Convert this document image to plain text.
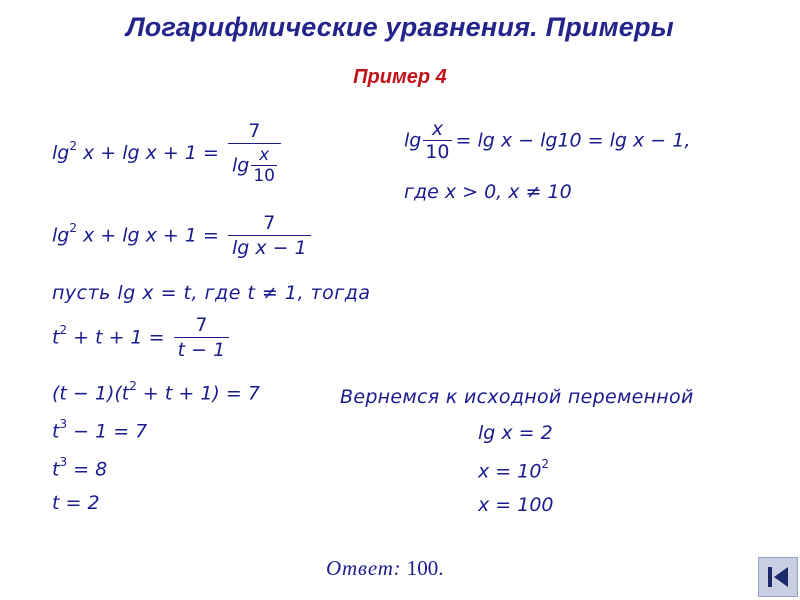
Логарифмические уравнения. Примеры
Пример 4
$\lg^2 x + \lg x + 1 = \frac{7}{\lg \frac{x}{10}}$	$\lg \frac{x}{10} = \lg x - \lg 10 = \lg x - 1$,
где x > 0, x ≠ 10
$\lg^2 x + \lg x + 1 = \frac{7}{\text{lg x − 1}}$
пусть lg x = t, где t ≠ 1, тогда
$t^2 + t + 1 = \frac{7}{t - 1}$
$(t - 1)(t^2 + t + 1) = 7$
$t^3 - 1 = 7$
$t^3 = 8$
t = 2
Вернемся к исходной переменной
lg x = 2
$x = 10^2$
x = 100
Ответ: 100.
